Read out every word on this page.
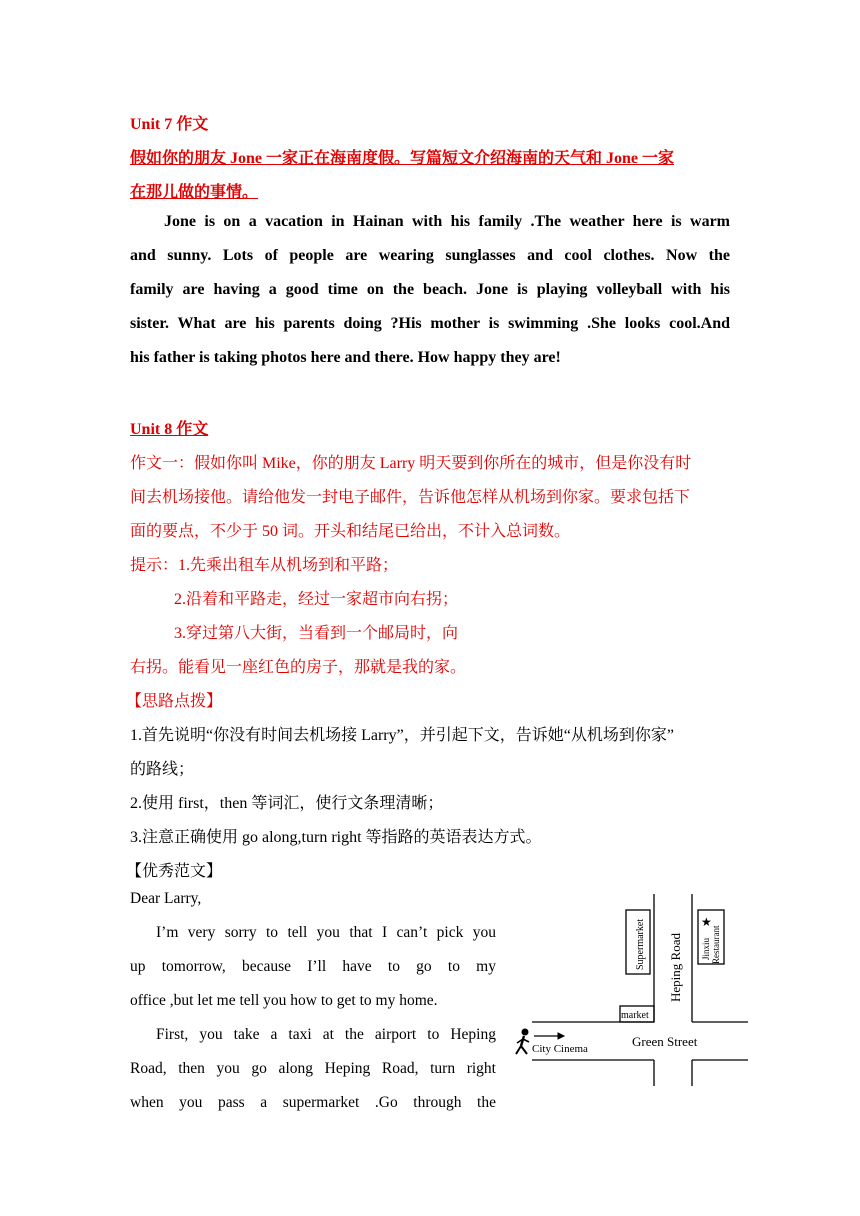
Unit 7 作文
假如你的朋友 Jone 一家正在海南度假。写篇短文介绍海南的天气和 Jone 一家
在那儿做的事情。
Jone is on a vacation in Hainan with his family .The weather here is warm
and sunny. Lots of people are wearing sunglasses and cool clothes. Now the
family are having a good time on the beach. Jone is playing volleyball with his
sister. What are his parents doing ?His mother is swimming .She looks cool.And
his father is taking photos here and there. How happy they are!
Unit 8 作文
作文一：假如你叫 Mike，你的朋友 Larry 明天要到你所在的城市，但是你没有时
间去机场接他。请给他发一封电子邮件，告诉他怎样从机场到你家。要求包括下
面的要点，不少于 50 词。开头和结尾已给出，不计入总词数。
提示：1.先乘出租车从机场到和平路；
2.沿着和平路走，经过一家超市向右拐；
3.穿过第八大街，当看到一个邮局时，向
右拐。能看见一座红色的房子，那就是我的家。
【思路点拨】
1.首先说明“你没有时间去机场接 Larry”，并引起下文，告诉她“从机场到你家”
的路线；
2.使用 first，then 等词汇，使行文条理清晰；
3.注意正确使用 go along,turn right 等指路的英语表达方式。
【优秀范文】
Dear Larry,
I’m very sorry to tell you that I can’t pick you
up tomorrow, because I’ll have to go to my
office ,but let me tell you how to get to my home.
First, you take a taxi at the airport to Heping
Road, then you go along Heping Road, turn right
when you pass a supermarket .Go through the
Supermarket Heping Road Jinxiu Restaurant
★
market
Green Street
City Cinema
